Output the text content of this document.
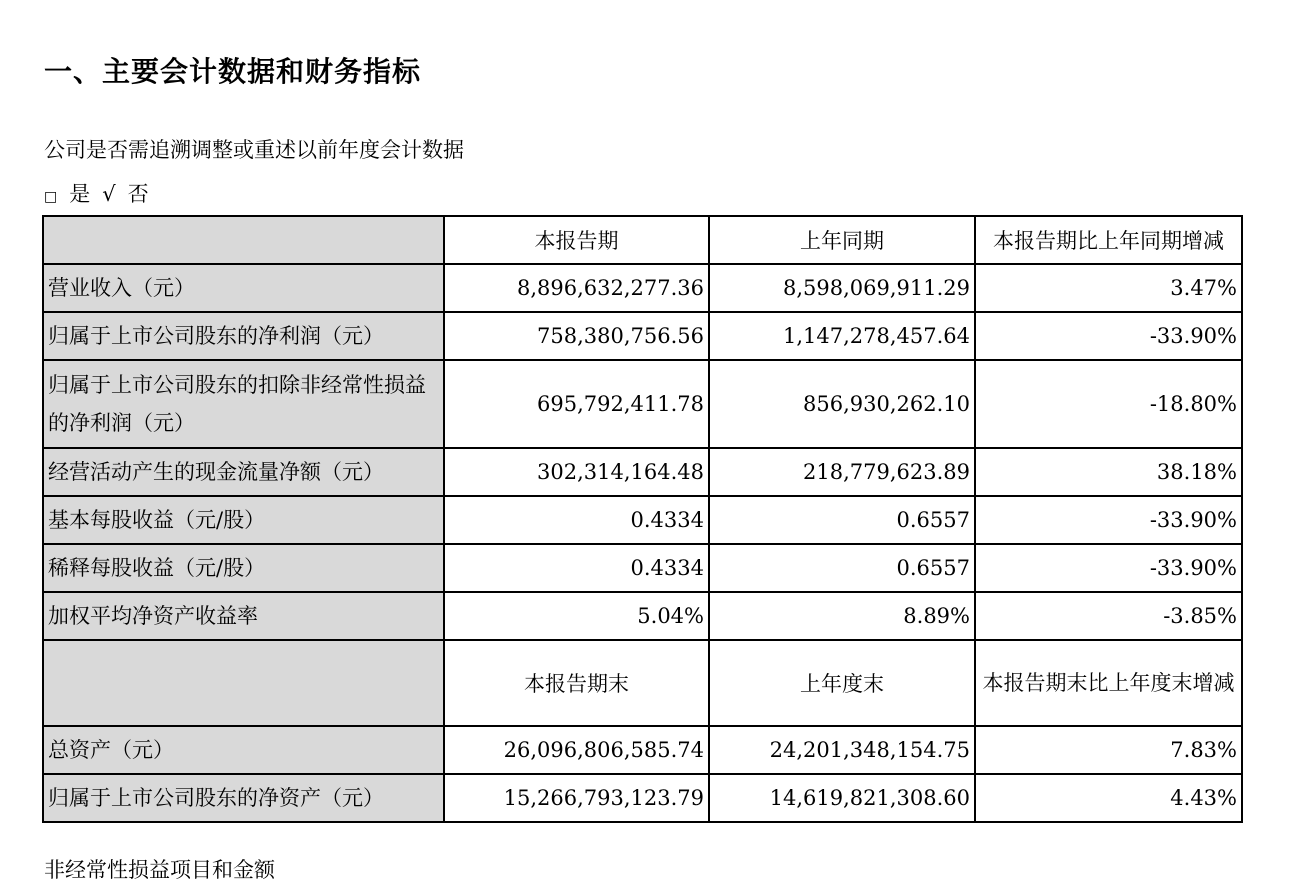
一、主要会计数据和财务指标
公司是否需追溯调整或重述以前年度会计数据
□ 是 √ 否
	本报告期	上年同期	本报告期比上年同期增减
营业收入（元）	8,896,632,277.36	8,598,069,911.29	3.47%
归属于上市公司股东的净利润（元）	758,380,756.56	1,147,278,457.64	-33.90%
归属于上市公司股东的扣除非经常性损益的净利润（元）	695,792,411.78	856,930,262.10	-18.80%
经营活动产生的现金流量净额（元）	302,314,164.48	218,779,623.89	38.18%
基本每股收益（元/股）	0.4334	0.6557	-33.90%
稀释每股收益（元/股）	0.4334	0.6557	-33.90%
加权平均净资产收益率	5.04%	8.89%	-3.85%
	本报告期末	上年度末	本报告期末比上年度末增减
总资产（元）	26,096,806,585.74	24,201,348,154.75	7.83%
归属于上市公司股东的净资产（元）	15,266,793,123.79	14,619,821,308.60	4.43%
非经常性损益项目和金额
